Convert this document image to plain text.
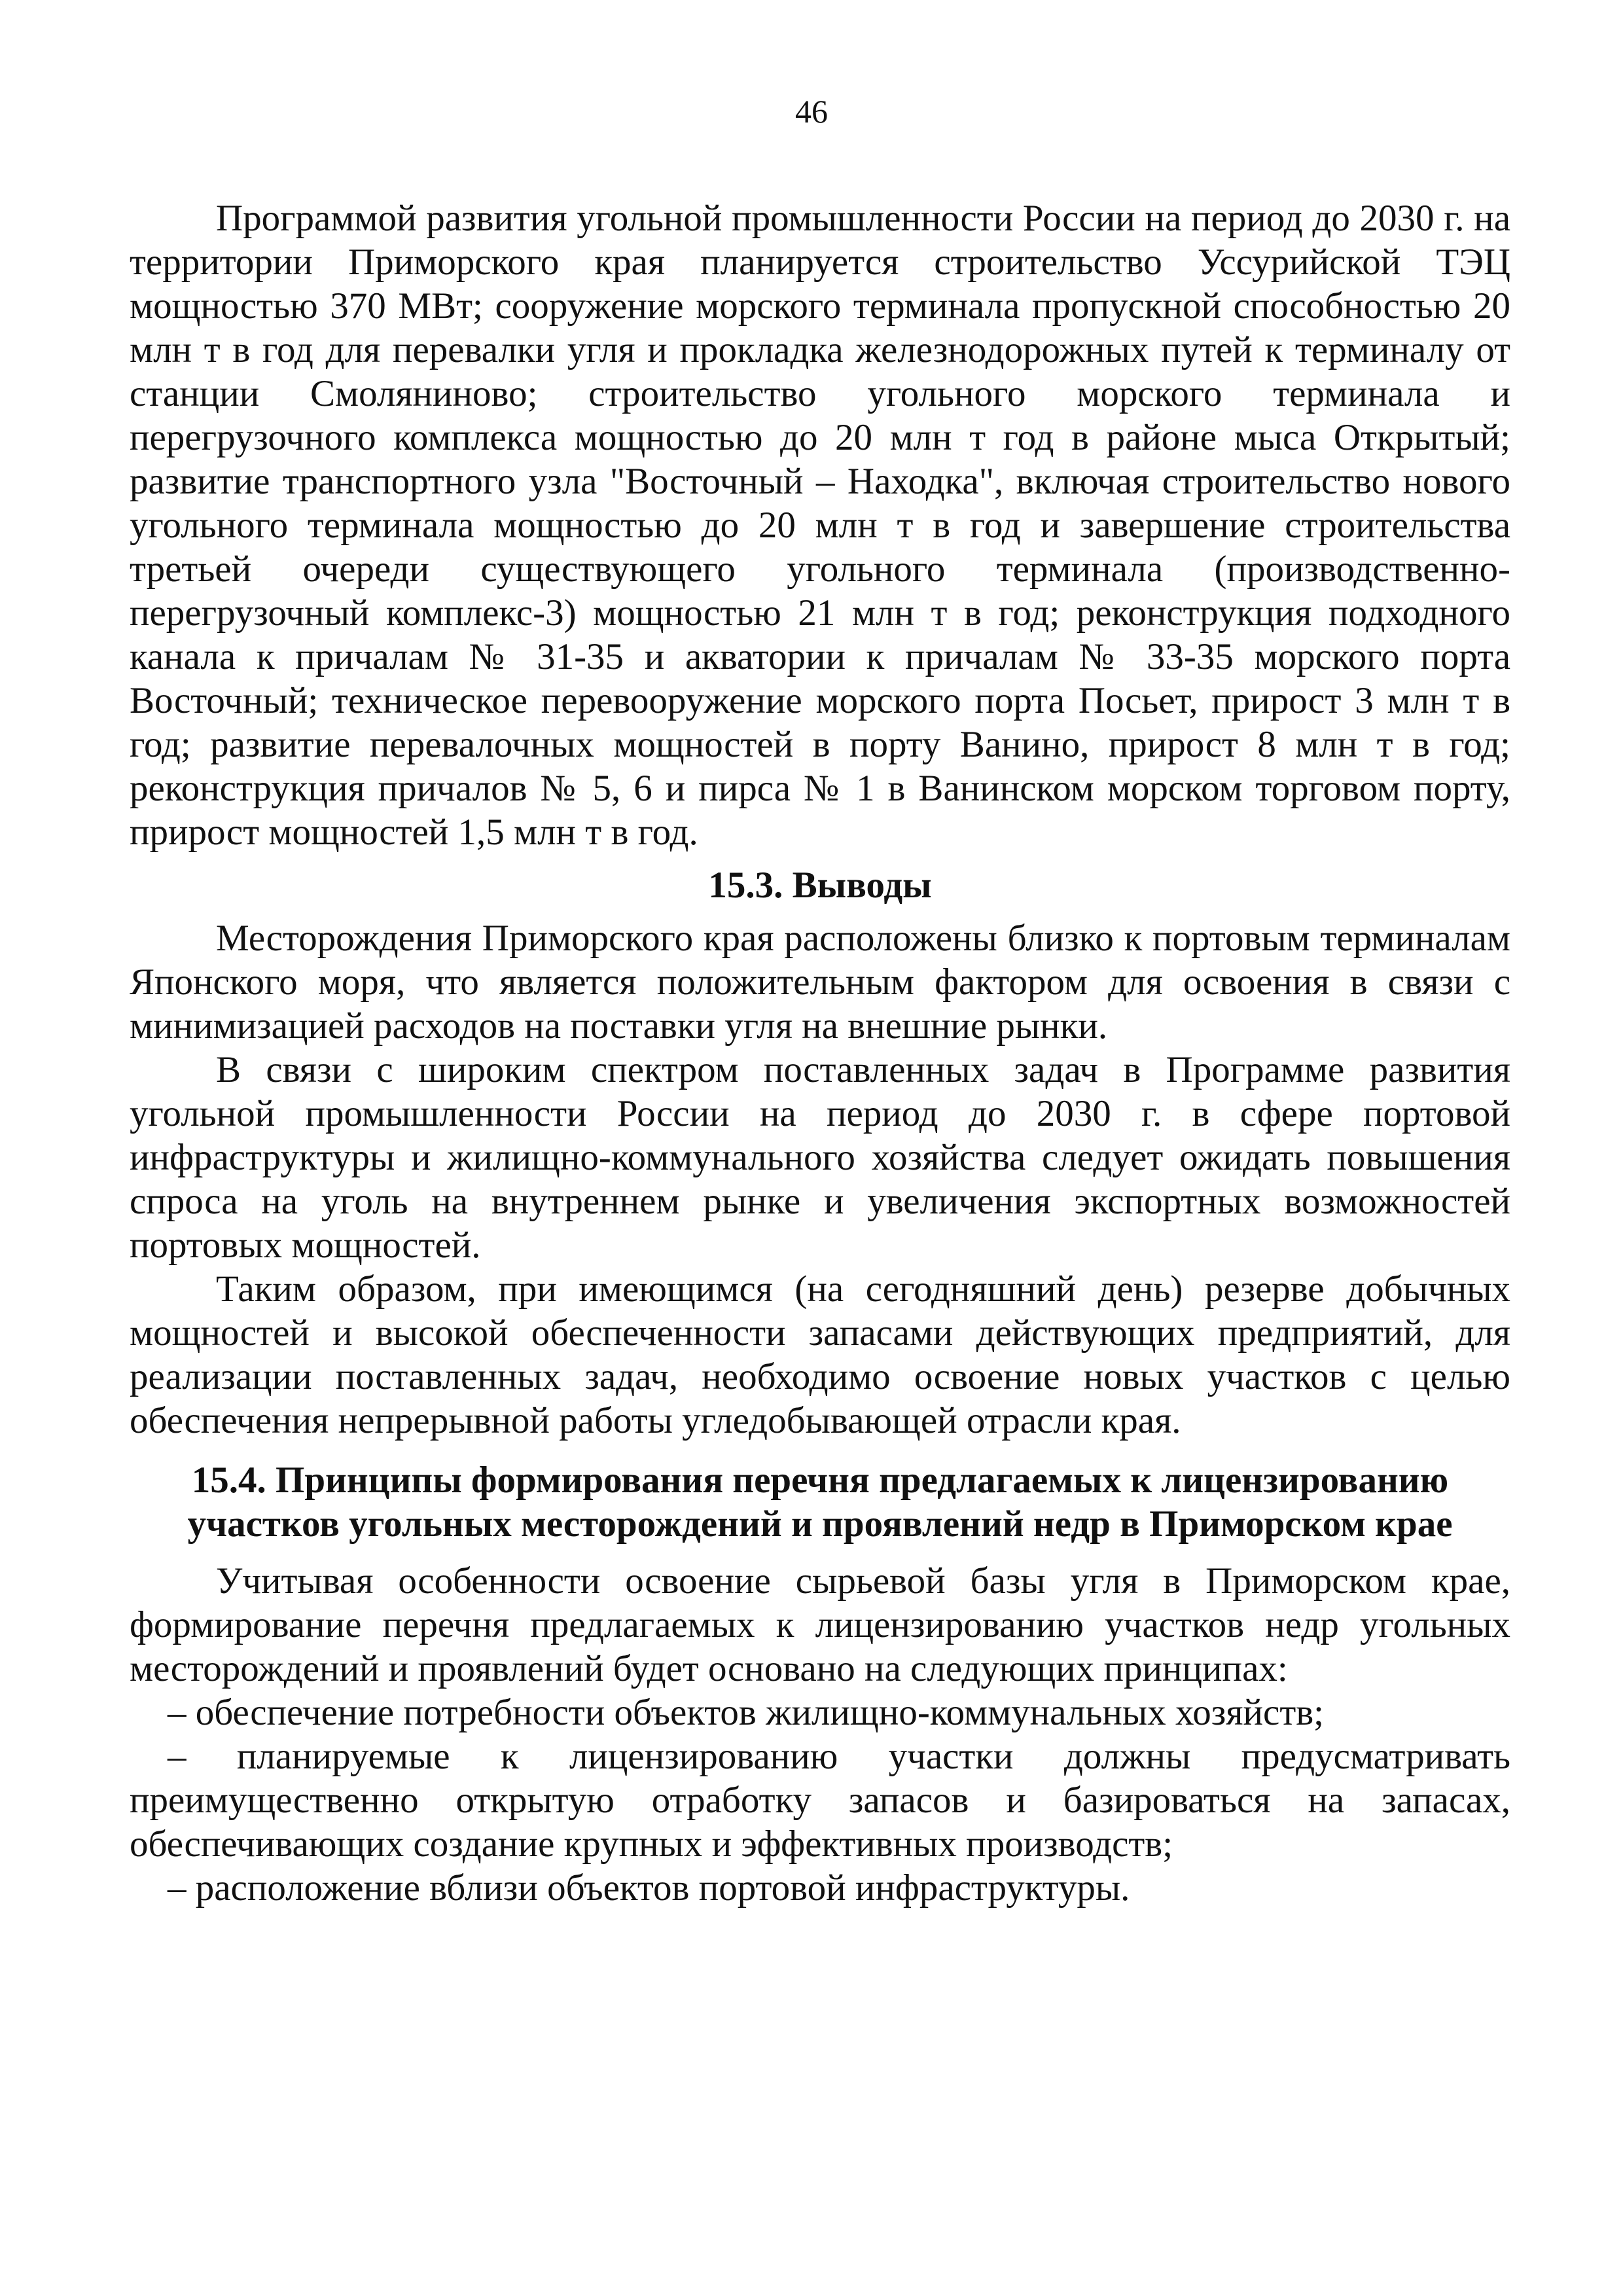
46

Программой развития угольной промышленности России на период до 2030 г. на территории Приморского края планируется строительство Уссурийской ТЭЦ мощностью 370 МВт; сооружение морского терминала пропускной способностью 20 млн т в год для перевалки угля и прокладка железнодорожных путей к терминалу от станции Смоляниново; строительство угольного морского терминала и перегрузочного комплекса мощностью до 20 млн т год в районе мыса Открытый; развитие транспортного узла "Восточный – Находка", включая строительство нового угольного терминала мощностью до 20 млн т в год и завершение строительства третьей очереди существующего угольного терминала (производственно-перегрузочный комплекс-3) мощностью 21 млн т в год; реконструкция подходного канала к причалам № 31-35 и акватории к причалам № 33-35 морского порта Восточный; техническое перевооружение морского порта Посьет, прирост 3 млн т в год; развитие перевалочных мощностей в порту Ванино, прирост 8 млн т в год; реконструкция причалов № 5, 6 и пирса № 1 в Ванинском морском торговом порту, прирост мощностей 1,5 млн т в год.

15.3. Выводы

Месторождения Приморского края расположены близко к портовым терминалам Японского моря, что является положительным фактором для освоения в связи с минимизацией расходов на поставки угля на внешние рынки.

В связи с широким спектром поставленных задач в Программе развития угольной промышленности России на период до 2030 г. в сфере портовой инфраструктуры и жилищно-коммунального хозяйства следует ожидать повышения спроса на уголь на внутреннем рынке и увеличения экспортных возможностей портовых мощностей.

Таким образом, при имеющимся (на сегодняшний день) резерве добычных мощностей и высокой обеспеченности запасами действующих предприятий, для реализации поставленных задач, необходимо освоение новых участков с целью обеспечения непрерывной работы угледобывающей отрасли края.

15.4. Принципы формирования перечня предлагаемых к лицензированию
участков угольных месторождений и проявлений недр в Приморском крае

Учитывая особенности освоение сырьевой базы угля в Приморском крае, формирование перечня предлагаемых к лицензированию участков недр угольных месторождений и проявлений будет основано на следующих принципах:

– обеспечение потребности объектов жилищно-коммунальных хозяйств;

– планируемые к лицензированию участки должны предусматривать преимущественно открытую отработку запасов и базироваться на запасах, обеспечивающих создание крупных и эффективных производств;

– расположение вблизи объектов портовой инфраструктуры.
